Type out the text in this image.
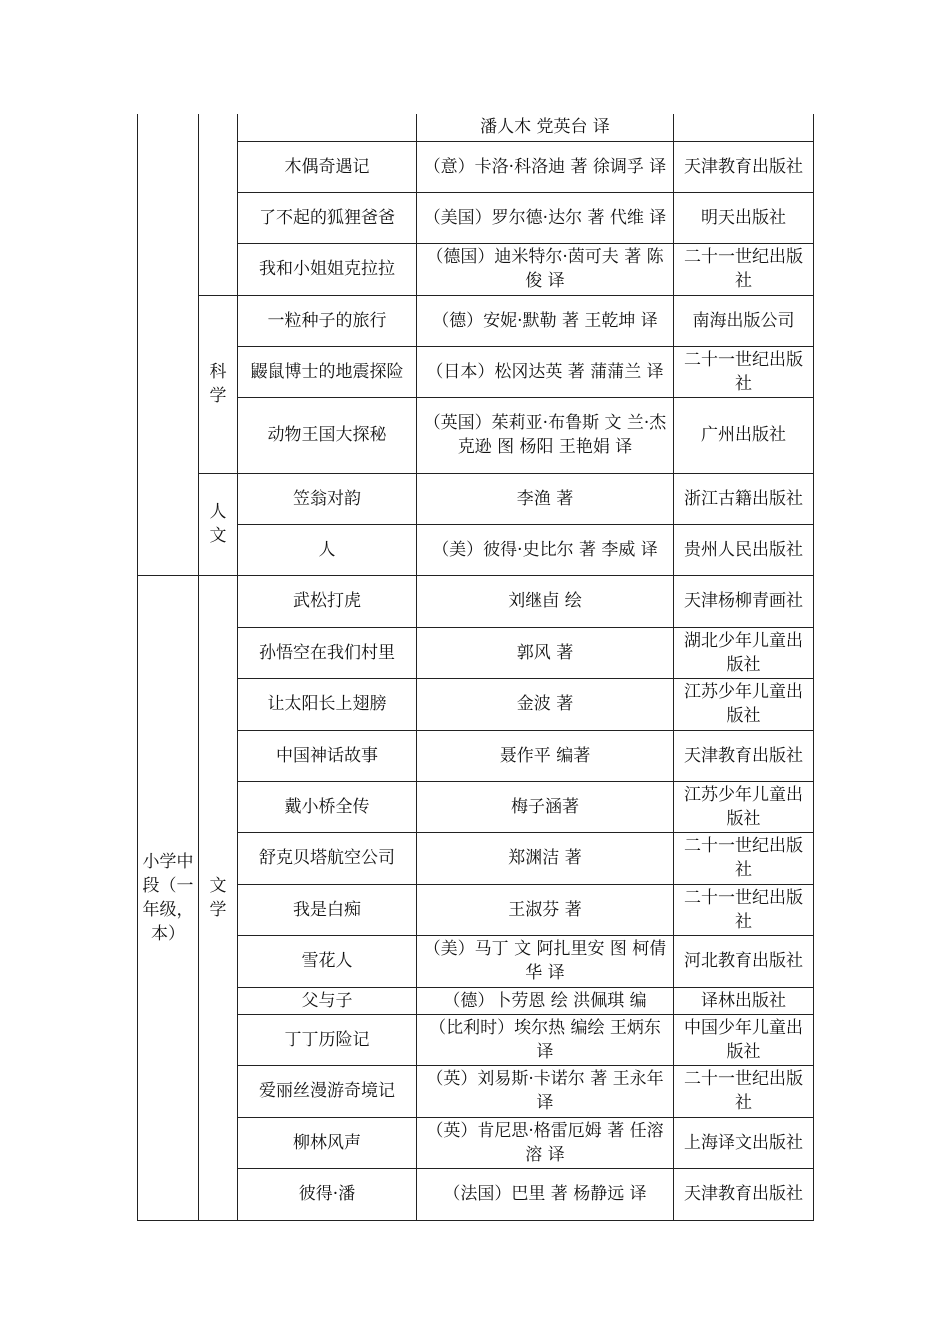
			潘人木 党英台 译	
		木偶奇遇记	（意）卡洛·科洛迪 著 徐调孚 译	天津教育出版社
		了不起的狐狸爸爸	（美国）罗尔德·达尔 著 代维 译	明天出版社
		我和小姐姐克拉拉	（德国）迪米特尔·茵可夫 著 陈俊 译	二十一世纪出版社
	科学	一粒种子的旅行	（德）安妮·默勒 著 王乾坤 译	南海出版公司
		鼹鼠博士的地震探险	（日本）松冈达英 著 蒲蒲兰 译	二十一世纪出版社
		动物王国大探秘	（英国）茱莉亚·布鲁斯 文 兰·杰克逊 图 杨阳 王艳娟 译	广州出版社
	人文	笠翁对韵	李渔 著	浙江古籍出版社
		人	（美）彼得·史比尔 著 李威 译	贵州人民出版社
小学中段（一年级，本）	文学	武松打虎	刘继卣 绘	天津杨柳青画社
		孙悟空在我们村里	郭风 著	湖北少年儿童出版社
		让太阳长上翅膀	金波 著	江苏少年儿童出版社
		中国神话故事	聂作平 编著	天津教育出版社
		戴小桥全传	梅子涵著	江苏少年儿童出版社
		舒克贝塔航空公司	郑渊洁 著	二十一世纪出版社
		我是白痴	王淑芬 著	二十一世纪出版社
		雪花人	（美）马丁 文 阿扎里安 图 柯倩华 译	河北教育出版社
		父与子	（德）卜劳恩 绘 洪佩琪 编	译林出版社
		丁丁历险记	（比利时）埃尔热 编绘 王炳东 译	中国少年儿童出版社
		爱丽丝漫游奇境记	（英）刘易斯·卡诺尔 著 王永年 译	二十一世纪出版社
		柳林风声	（英）肯尼思·格雷厄姆 著 任溶溶 译	上海译文出版社
		彼得·潘	（法国）巴里 著 杨静远 译	天津教育出版社
